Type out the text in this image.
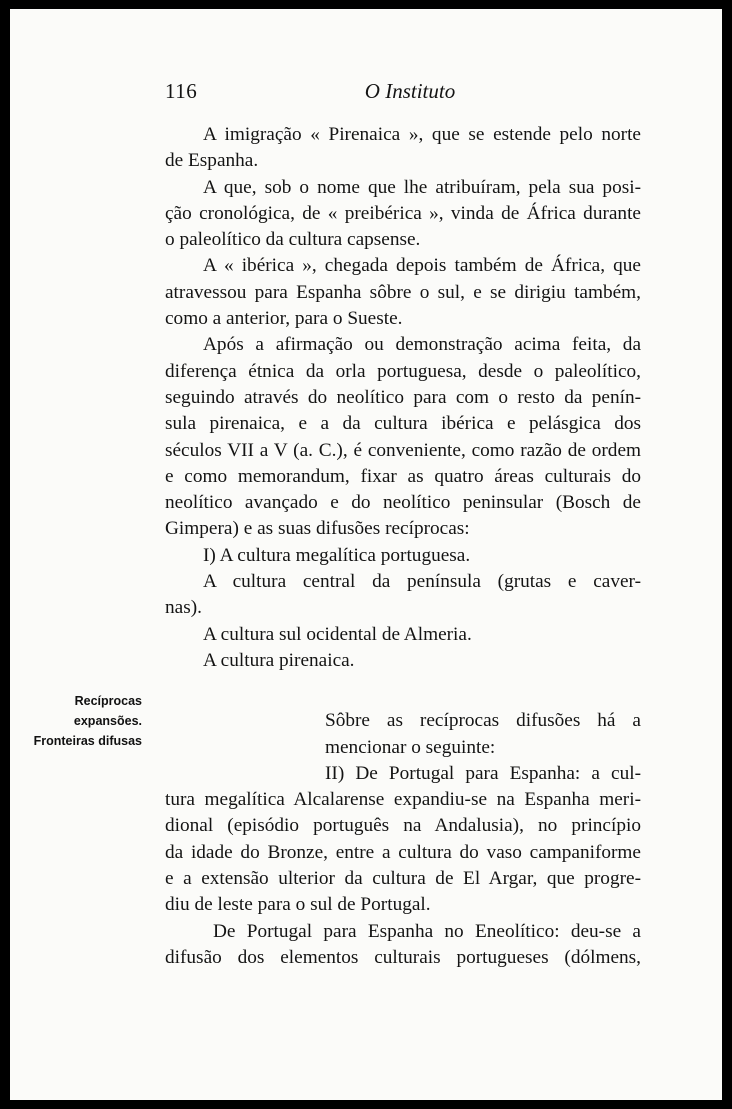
116	O Instituto
Recíprocas
expansões.
Fronteiras difusas
A imigração « Pirenaica », que se estende pelo norte
de Espanha.
A que, sob o nome que lhe atribuíram, pela sua posi-
ção cronológica, de « preibérica », vinda de África durante
o paleolítico da cultura capsense.
A « ibérica », chegada depois também de África, que
atravessou para Espanha sôbre o sul, e se dirigiu também,
como a anterior, para o Sueste.
Após a afirmação ou demonstração acima feita, da
diferença étnica da orla portuguesa, desde o paleolítico,
seguindo através do neolítico para com o resto da penín-
sula pirenaica, e a da cultura ibérica e pelásgica dos
séculos VII a V (a. C.), é conveniente, como razão de ordem
e como memorandum, fixar as quatro áreas culturais do
neolítico avançado e do neolítico peninsular (Bosch de
Gimpera) e as suas difusões recíprocas:
I) A cultura megalítica portuguesa.
A cultura central da península (grutas e caver-
nas).
A cultura sul ocidental de Almeria.
A cultura pirenaica.
Sôbre as recíprocas difusões há a
mencionar o seguinte:
II) De Portugal para Espanha: a cul-
tura megalítica Alcalarense expandiu-se na Espanha meri-
dional (episódio português na Andalusia), no princípio
da idade do Bronze, entre a cultura do vaso campaniforme
e a extensão ulterior da cultura de El Argar, que progre-
diu de leste para o sul de Portugal.
De Portugal para Espanha no Eneolítico: deu-se a
difusão dos elementos culturais portugueses (dólmens,
